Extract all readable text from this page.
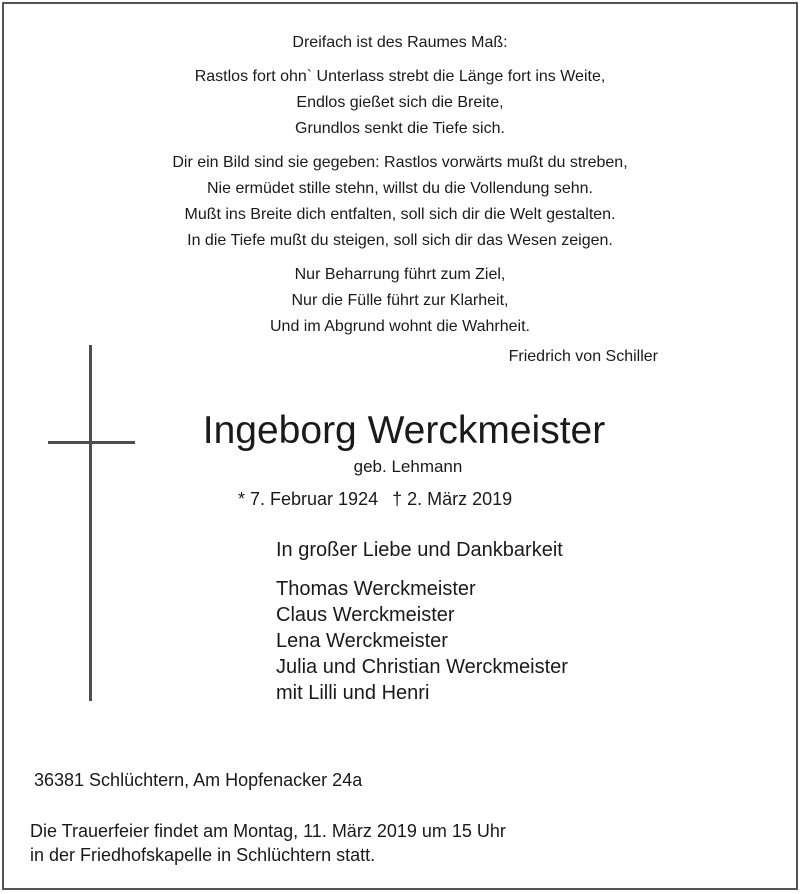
Dreifach ist des Raumes Maß:
Rastlos fort ohn` Unterlass strebt die Länge fort ins Weite,
Endlos gießet sich die Breite,
Grundlos senkt die Tiefe sich.
Dir ein Bild sind sie gegeben: Rastlos vorwärts mußt du streben,
Nie ermüdet stille stehn, willst du die Vollendung sehn.
Mußt ins Breite dich entfalten, soll sich dir die Welt gestalten.
In die Tiefe mußt du steigen, soll sich dir das Wesen zeigen.
Nur Beharrung führt zum Ziel,
Nur die Fülle führt zur Klarheit,
Und im Abgrund wohnt die Wahrheit.
Friedrich von Schiller
Ingeborg Werckmeister
geb. Lehmann
* 7. Februar 1924 † 2. März 2019
In großer Liebe und Dankbarkeit
Thomas Werckmeister
Claus Werckmeister
Lena Werckmeister
Julia und Christian Werckmeister
mit Lilli und Henri
36381 Schlüchtern, Am Hopfenacker 24a
Die Trauerfeier findet am Montag, 11. März 2019 um 15 Uhr
in der Friedhofskapelle in Schlüchtern statt.
